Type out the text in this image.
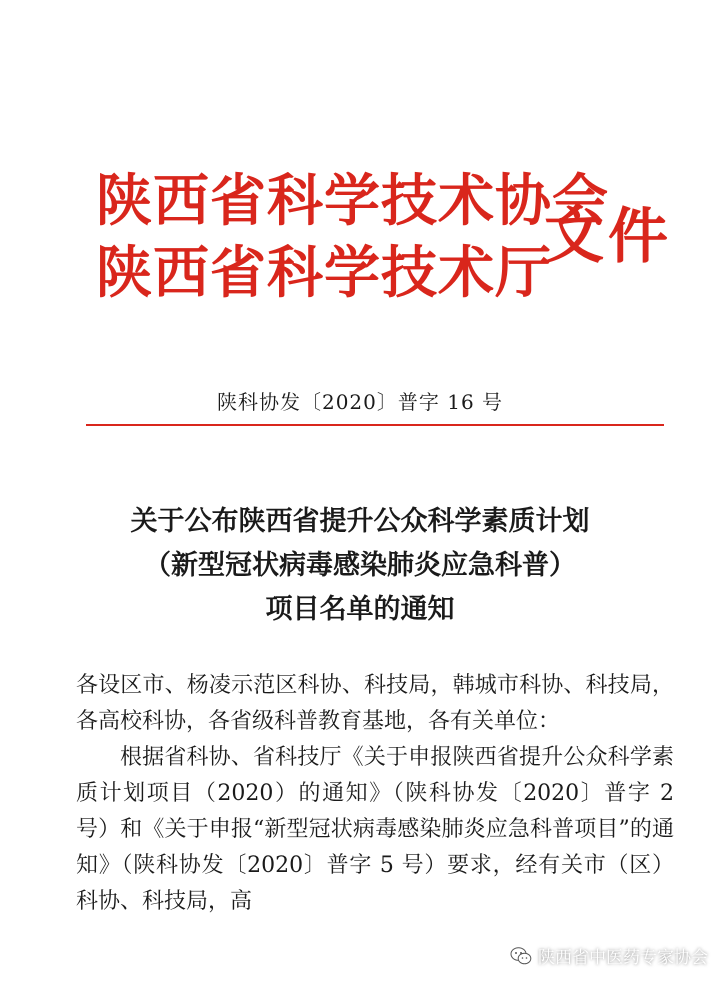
陕西省科学技术协会
陕西省科学技术厅
文件
陕科协发〔2020〕普字 16 号
关于公布陕西省提升公众科学素质计划
（新型冠状病毒感染肺炎应急科普）
项目名单的通知

各设区市、杨凌示范区科协、科技局，韩城市科协、科技局，各高校科协，各省级科普教育基地，各有关单位：

根据省科协、省科技厅《关于申报陕西省提升公众科学素质计划项目（2020）的通知》（陕科协发〔2020〕普字 2 号）和《关于申报“新型冠状病毒感染肺炎应急科普项目”的通知》（陕科协发〔2020〕普字 5 号）要求，经有关市（区）科协、科技局，高

陕西省中医药专家协会
